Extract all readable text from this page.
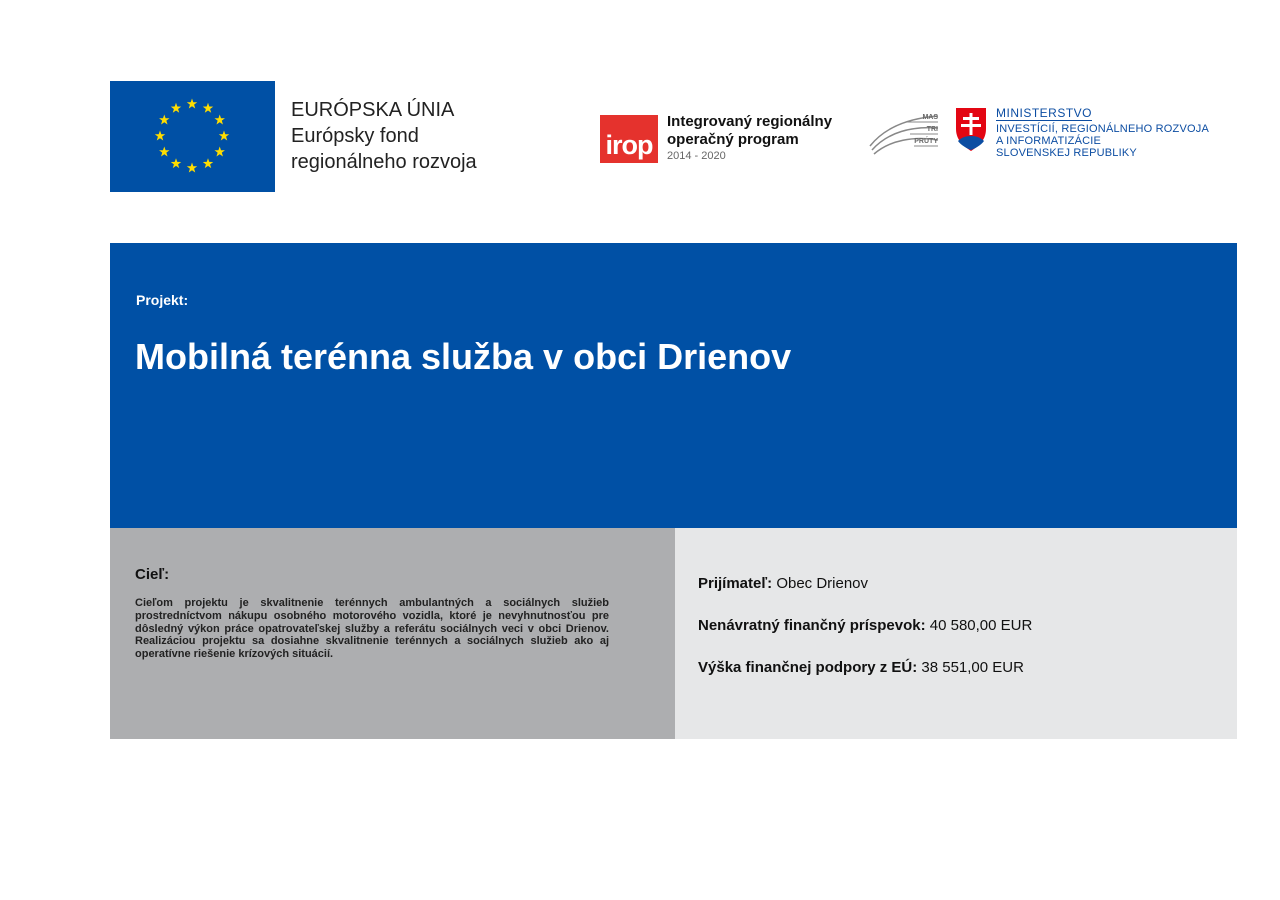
EURÓPSKA ÚNIA
Európsky fond
regionálneho rozvoja
irop
Integrovaný regionálny
operačný program
2014 - 2020
MAS
TRI
PRÚTY
MINISTERSTVO
INVESTÍCIÍ, REGIONÁLNEHO ROZVOJA
A INFORMATIZÁCIE
SLOVENSKEJ REPUBLIKY
Projekt:
Mobilná terénna služba v obci Drienov
Cieľ:
Cieľom projektu je skvalitnenie terénnych ambulantných a sociálnych služieb prostredníctvom nákupu osobného motorového vozidla, ktoré je nevyhnutnosťou pre dôsledný výkon práce opatrovateľskej služby a referátu sociálnych veci v obci Drienov. Realizáciou projektu sa dosiahne skvalitnenie terénnych a sociálnych služieb ako aj operatívne riešenie krízových situácií.
Prijímateľ: Obec Drienov
Nenávratný finančný príspevok: 40 580,00 EUR
Výška finančnej podpory z EÚ: 38 551,00 EUR
